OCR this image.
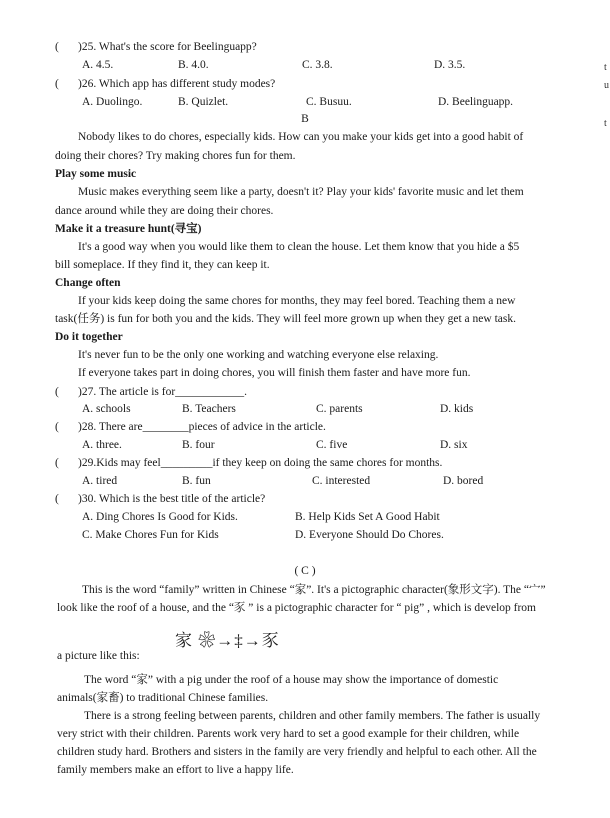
( )25. What's the score for Beelinguapp?
A. 4.5.	B. 4.0.	C. 3.8.	D. 3.5.
( )26. Which app has different study modes?
A. Duolingo.	B. Quizlet.	C. Busuu.	D. Beelinguapp.
B
Nobody likes to do chores, especially kids. How can you make your kids get into a good habit of
doing their chores? Try making chores fun for them.
Play some music
Music makes everything seem like a party, doesn't it? Play your kids' favorite music and let them
dance around while they are doing their chores.
Make it a treasure hunt(寻宝)
It's a good way when you would like them to clean the house. Let them know that you hide a $5
bill someplace. If they find it, they can keep it.
Change often
If your kids keep doing the same chores for months, they may feel bored. Teaching them a new
task(任务) is fun for both you and the kids. They will feel more grown up when they get a new task.
Do it together
It's never fun to be the only one working and watching everyone else relaxing.
If everyone takes part in doing chores, you will finish them faster and have more fun.
( )27. The article is for____________.
A. schools	B. Teachers	C. parents	D. kids
( )28. There are________pieces of advice in the article.
A. three.	B. four	C. five	D. six
( )29.Kids may feel_________if they keep on doing the same chores for months.
A. tired	B. fun	C. interested	D. bored
( )30. Which is the best title of the article?
A. Ding Chores Is Good for Kids.	B. Help Kids Set A Good Habit
C. Make Chores Fun for Kids	D. Everyone Should Do Chores.
( C )
This is the word “family” written in Chinese “家”. It's a pictographic character(象形文字). The “宀”
look like the roof of a house, and the “豕 ” is a pictographic character for “ pig” , which is develop from
家 ❀→‡→豕
a picture like this:
The word “家” with a pig under the roof of a house may show the importance of domestic
animals(家畜) to traditional Chinese families.
There is a strong feeling between parents, children and other family members. The father is usually
very strict with their children. Parents work very hard to set a good example for their children, while
children study hard. Brothers and sisters in the family are very friendly and helpful to each other. All the
family members make an effort to live a happy life.
t
u
t
